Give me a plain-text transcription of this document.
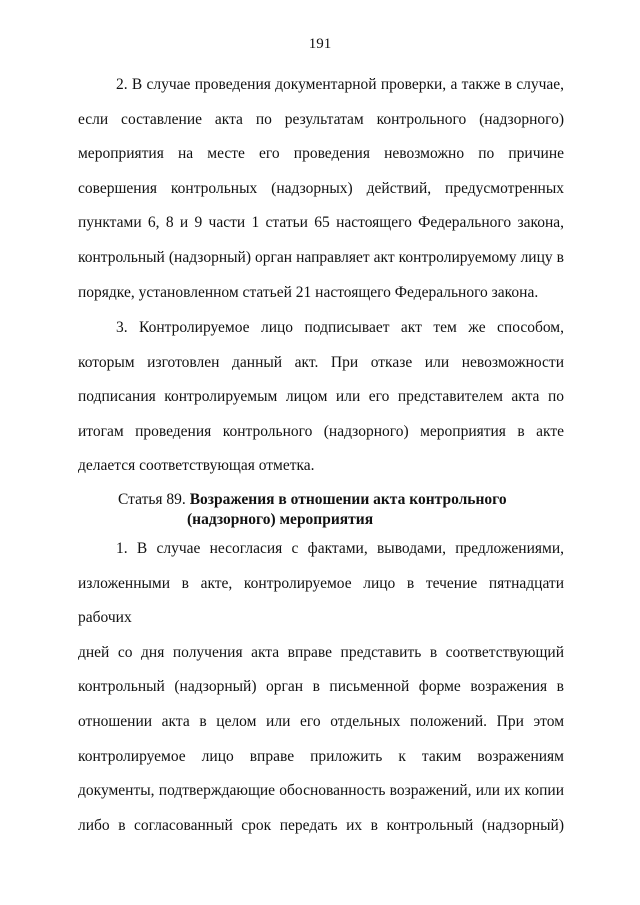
191
2. В случае проведения документарной проверки, а также в случае,
если составление акта по результатам контрольного (надзорного)
мероприятия на месте его проведения невозможно по причине
совершения контрольных (надзорных) действий, предусмотренных
пунктами 6, 8 и 9 части 1 статьи 65 настоящего Федерального закона,
контрольный (надзорный) орган направляет акт контролируемому лицу в
порядке, установленном статьей 21 настоящего Федерального закона.
3. Контролируемое лицо подписывает акт тем же способом,
которым изготовлен данный акт. При отказе или невозможности
подписания контролируемым лицом или его представителем акта по
итогам проведения контрольного (надзорного) мероприятия в акте
делается соответствующая отметка.
Статья 89. Возражения в отношении акта контрольного
(надзорного) мероприятия
1. В случае несогласия с фактами, выводами, предложениями,
изложенными в акте, контролируемое лицо в течение пятнадцати рабочих
дней со дня получения акта вправе представить в соответствующий
контрольный (надзорный) орган в письменной форме возражения в
отношении акта в целом или его отдельных положений. При этом
контролируемое лицо вправе приложить к таким возражениям
документы, подтверждающие обоснованность возражений, или их копии
либо в согласованный срок передать их в контрольный (надзорный)
